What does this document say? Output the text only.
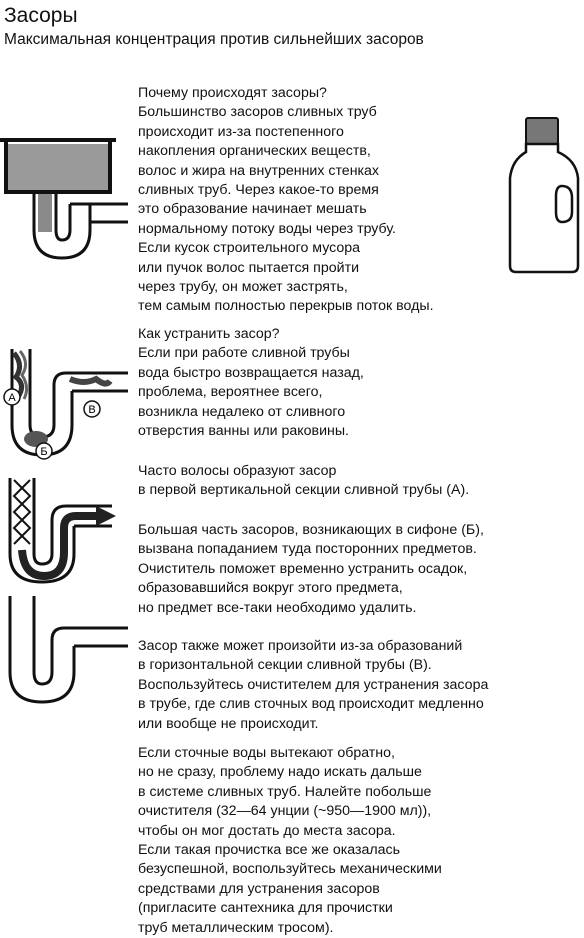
Засоры
Максимальная концентрация против сильнейших засоров
Почему происходят засоры?
Большинство засоров сливных труб
происходит из-за постепенного
накопления органических веществ,
волос и жира на внутренних стенках
сливных труб. Через какое-то время
это образование начинает мешать
нормальному потоку воды через трубу.
Если кусок строительного мусора
или пучок волос пытается пройти
через трубу, он может застрять,
тем самым полностью перекрыв поток воды.
Как устранить засор?
Если при работе сливной трубы
вода быстро возвращается назад,
проблема, вероятнее всего,
возникла недалеко от сливного
отверстия ванны или раковины.
Часто волосы образуют засор
в первой вертикальной секции сливной трубы (А).
Большая часть засоров, возникающих в сифоне (Б),
вызвана попаданием туда посторонних предметов.
Очиститель поможет временно устранить осадок,
образовавшийся вокруг этого предмета,
но предмет все-таки необходимо удалить.
Засор также может произойти из-за образований
в горизонтальной секции сливной трубы (В).
Воспользуйтесь очистителем для устранения засора
в трубе, где слив сточных вод происходит медленно
или вообще не происходит.
Если сточные воды вытекают обратно,
но не сразу, проблему надо искать дальше
в системе сливных труб. Налейте побольше
очистителя (32—64 унции (~950—1900 мл)),
чтобы он мог достать до места засора.
Если такая прочистка все же оказалась
безуспешной, воспользуйтесь механическими
средствами для устранения засоров
(пригласите сантехника для прочистки
труб металлическим тросом).
А
Б
В
